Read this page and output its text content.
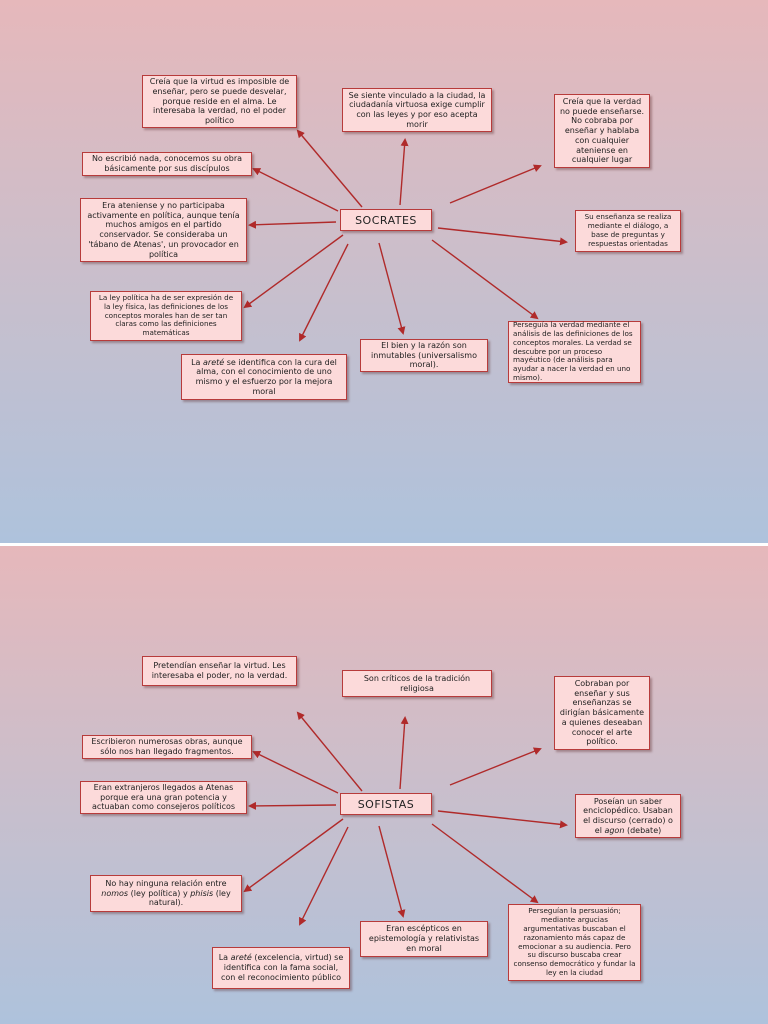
Creía que la virtud es imposible de enseñar, pero se puede desvelar, porque reside en el alma. Le interesaba la verdad, no el poder político
Se siente vinculado a la ciudad, la ciudadanía virtuosa exige cumplir con las leyes y por eso acepta morir
Creía que la verdad no puede enseñarse. No cobraba por enseñar y hablaba con cualquier ateniense en cualquier lugar
No escribió nada, conocemos su obra básicamente por sus discípulos
Era ateniense y no participaba activamente en política, aunque tenía muchos amigos en el partido conservador. Se consideraba un 'tábano de Atenas', un provocador en política
Su enseñanza se realiza mediante el diálogo, a base de preguntas y respuestas orientadas
La ley política ha de ser expresión de la ley física, las definiciones de los conceptos morales han de ser tan claras como las definiciones matemáticas
Perseguía la verdad mediante el análisis de las definiciones de los conceptos morales. La verdad se descubre por un proceso mayéutico (de análisis para ayudar a nacer la verdad en uno mismo).
El bien y la razón son inmutables (universalismo moral).
La areté se identifica con la cura del alma, con el conocimiento de uno mismo y el esfuerzo por la mejora moral
SOCRATES
Pretendían enseñar la virtud. Les interesaba el poder, no la verdad.	Son críticos de la tradición religiosa
Cobraban por enseñar y sus enseñanzas se dirigían básicamente a quienes deseaban conocer el arte político.
Escribieron numerosas obras, aunque sólo nos han llegado fragmentos.
Eran extranjeros llegados a Atenas porque era una gran potencia y actuaban como consejeros políticos
Poseían un saber enciclopédico. Usaban el discurso (cerrado) o el agon (debate)
No hay ninguna relación entre nomos (ley política) y phisis (ley natural).
Perseguían la persuasión; mediante argucias argumentativas buscaban el razonamiento más capaz de emocionar a su audiencia. Pero su discurso buscaba crear consenso democrático y fundar la ley en la ciudad
Eran escépticos en epistemología y relativistas en moral
La areté (excelencia, virtud) se identifica con la fama social, con el reconocimiento público
SOFISTAS
